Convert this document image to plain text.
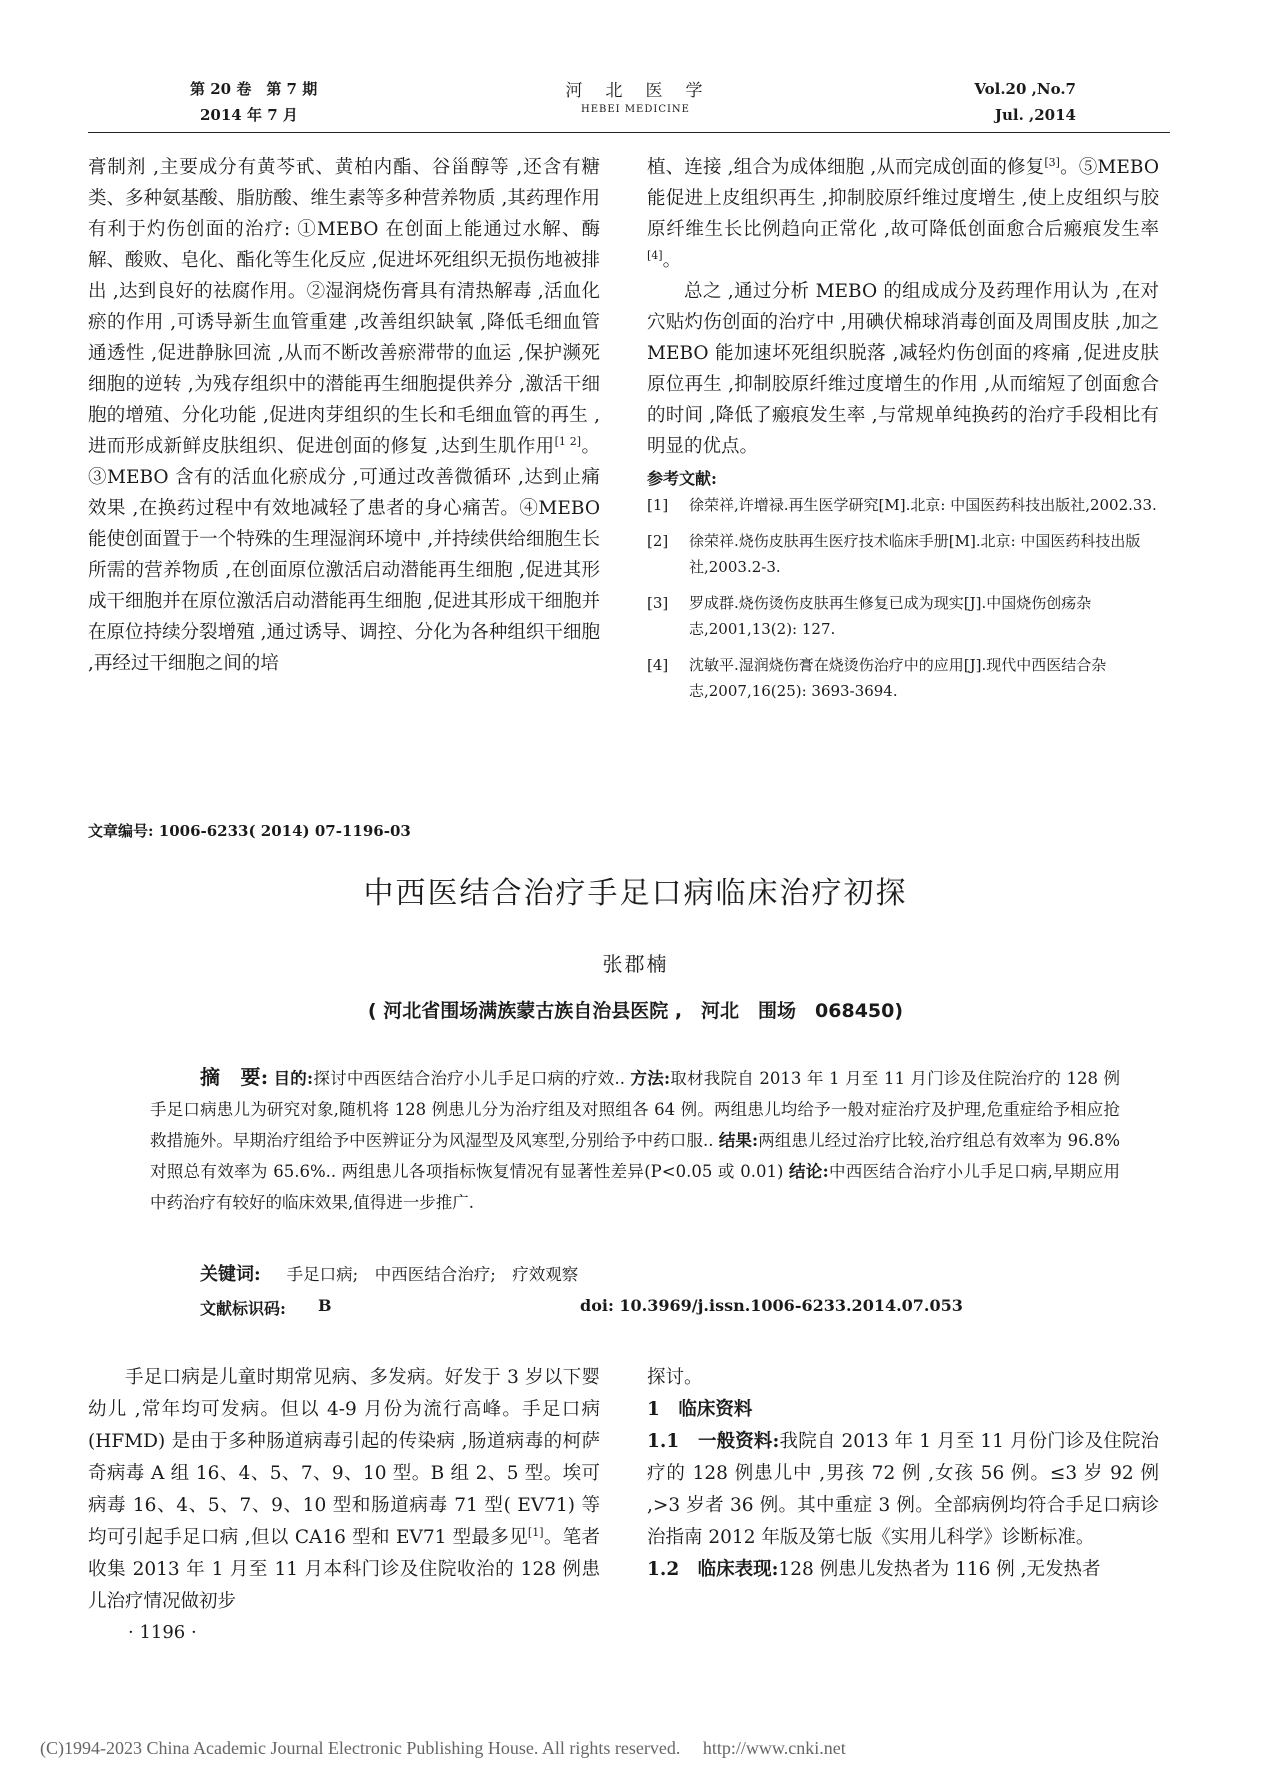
第 20 卷　第 7 期
2014 年 7 月
河　北　医　学
HEBEI MEDICINE
Vol.20 ,No.7
Jul. ,2014

膏制剂 ,主要成分有黄芩甙、黄柏内酯、谷甾醇等 ,还含有糖类、多种氨基酸、脂肪酸、维生素等多种营养物质 ,其药理作用有利于灼伤创面的治疗: ①MEBO 在创面上能通过水解、酶解、酸败、皂化、酯化等生化反应 ,促进坏死组织无损伤地被排出 ,达到良好的祛腐作用。②湿润烧伤膏具有清热解毒 ,活血化瘀的作用 ,可诱导新生血管重建 ,改善组织缺氧 ,降低毛细血管通透性 ,促进静脉回流 ,从而不断改善瘀滞带的血运 ,保护濒死细胞的逆转 ,为残存组织中的潜能再生细胞提供养分 ,激活干细胞的增殖、分化功能 ,促进肉芽组织的生长和毛细血管的再生 ,进而形成新鲜皮肤组织、促进创面的修复 ,达到生肌作用[1 2]。③MEBO 含有的活血化瘀成分 ,可通过改善微循环 ,达到止痛效果 ,在换药过程中有效地减轻了患者的身心痛苦。④MEBO 能使创面置于一个特殊的生理湿润环境中 ,并持续供给细胞生长所需的营养物质 ,在创面原位激活启动潜能再生细胞 ,促进其形成干细胞并在原位激活启动潜能再生细胞 ,促进其形成干细胞并在原位持续分裂增殖 ,通过诱导、调控、分化为各种组织干细胞 ,再经过干细胞之间的培

植、连接 ,组合为成体细胞 ,从而完成创面的修复[3]。⑤MEBO 能促进上皮组织再生 ,抑制胶原纤维过度增生 ,使上皮组织与胶原纤维生长比例趋向正常化 ,故可降低创面愈合后瘢痕发生率[4]。

总之 ,通过分析 MEBO 的组成成分及药理作用认为 ,在对穴贴灼伤创面的治疗中 ,用碘伏棉球消毒创面及周围皮肤 ,加之 MEBO 能加速坏死组织脱落 ,减轻灼伤创面的疼痛 ,促进皮肤原位再生 ,抑制胶原纤维过度增生的作用 ,从而缩短了创面愈合的时间 ,降低了瘢痕发生率 ,与常规单纯换药的治疗手段相比有明显的优点。

参考文献:
[1]	徐荣祥,许增禄.再生医学研究[M].北京: 中国医药科技出版社,2002.33.
[2]	徐荣祥.烧伤皮肤再生医疗技术临床手册[M].北京: 中国医药科技出版社,2003.2-3.
[3]	罗成群.烧伤烫伤皮肤再生修复已成为现实[J].中国烧伤创疡杂志,2001,13(2): 127.
[4]	沈敏平.湿润烧伤膏在烧烫伤治疗中的应用[J].现代中西医结合杂志,2007,16(25): 3693-3694.
文章编号: 1006-6233( 2014) 07-1196-03
中西医结合治疗手足口病临床治疗初探
张郡楠
( 河北省围场满族蒙古族自治县医院 ,　河北　围场　068450)
摘　要: 目的:探讨中西医结合治疗小儿手足口病的疗效.. 方法:取材我院自 2013 年 1 月至 11 月门诊及住院治疗的 128 例手足口病患儿为研究对象,随机将 128 例患儿分为治疗组及对照组各 64 例。两组患儿均给予一般对症治疗及护理,危重症给予相应抢救措施外。早期治疗组给予中医辨证分为风湿型及风寒型,分别给予中药口服.. 结果:两组患儿经过治疗比较,治疗组总有效率为 96.8% 对照总有效率为 65.6%.. 两组患儿各项指标恢复情况有显著性差异(P<0.05 或 0.01) 结论:中西医结合治疗小儿手足口病,早期应用中药治疗有较好的临床效果,值得进一步推广.
关键词: 手足口病;　中西医结合治疗;　疗效观察
文献标识码: B	doi: 10.3969/j.issn.1006-6233.2014.07.053

手足口病是儿童时期常见病、多发病。好发于 3 岁以下婴幼儿 ,常年均可发病。但以 4-9 月份为流行高峰。手足口病(HFMD) 是由于多种肠道病毒引起的传染病 ,肠道病毒的柯萨奇病毒 A 组 16、4、5、7、9、10 型。B 组 2、5 型。埃可病毒 16、4、5、7、9、10 型和肠道病毒 71 型( EV71) 等均可引起手足口病 ,但以 CA16 型和 EV71 型最多见[1]。笔者收集 2013 年 1 月至 11 月本科门诊及住院收治的 128 例患儿治疗情况做初步

探讨。

1　临床资料

1.1　一般资料:我院自 2013 年 1 月至 11 月份门诊及住院治疗的 128 例患儿中 ,男孩 72 例 ,女孩 56 例。≤3 岁 92 例 ,>3 岁者 36 例。其中重症 3 例。全部病例均符合手足口病诊治指南 2012 年版及第七版《实用儿科学》诊断标准。

1.2　临床表现:128 例患儿发热者为 116 例 ,无发热者

· 1196 ·
(C)1994-2023 China Academic Journal Electronic Publishing House. All rights reserved.　 http://www.cnki.net
